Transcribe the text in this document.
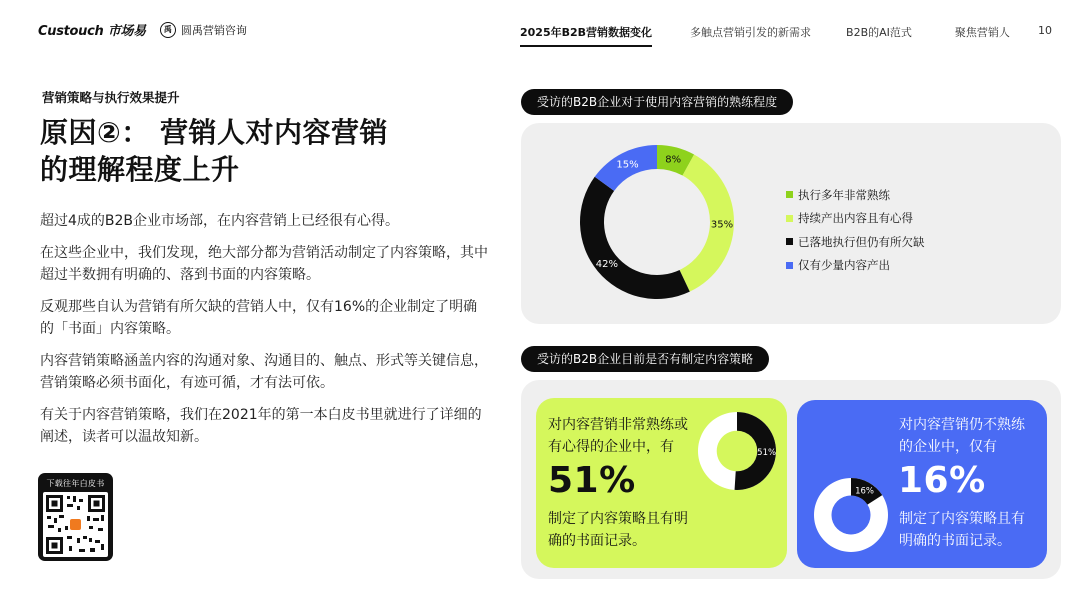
Custouch 市场易	禹 圆禹营销咨询	2025年B2B营销数据变化	多触点营销引发的新需求	B2B的AI范式	聚焦营销人	10
营销策略与执行效果提升
原因②： 营销人对内容营销
的理解程度上升

超过4成的B2B企业市场部，在内容营销上已经很有心得。

在这些企业中，我们发现，绝大部分都为营销活动制定了内容策略，其中超过半数拥有明确的、落到书面的内容策略。

反观那些自认为营销有所欠缺的营销人中，仅有16%的企业制定了明确的「书面」内容策略。

内容营销策略涵盖内容的沟通对象、沟通目的、触点、形式等关键信息，营销策略必须书面化，有迹可循，才有法可依。

有关于内容营销策略，我们在2021年的第一本白皮书里就进行了详细的阐述，读者可以温故知新。

下载往年白皮书
受访的B2B企业对于使用内容营销的熟练程度
8%
35%
42%
15%
执行多年非常熟练
持续产出内容且有心得
已落地执行但仍有所欠缺
仅有少量内容产出
受访的B2B企业目前是否有制定内容策略
对内容营销非常熟练或
有心得的企业中，有
51%
制定了内容策略且有明
确的书面记录。
51%
对内容营销仍不熟练
的企业中，仅有
16%
制定了内容策略且有
明确的书面记录。
16%
